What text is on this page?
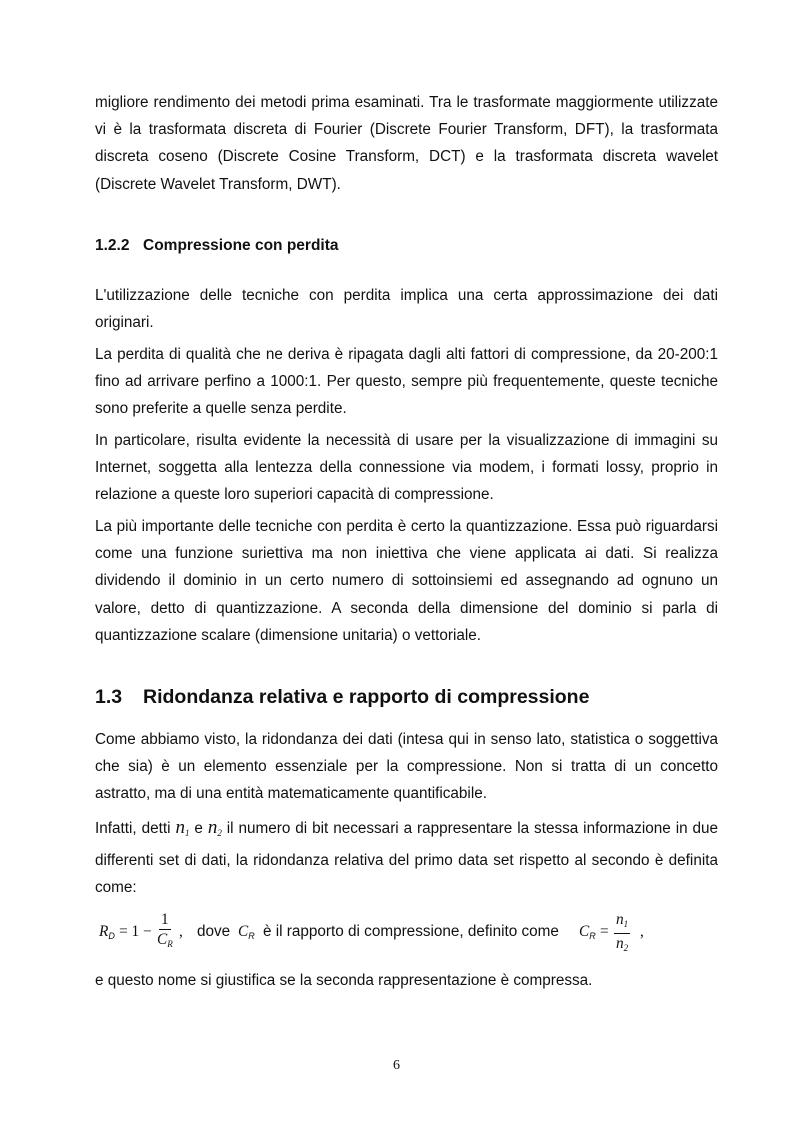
migliore rendimento dei metodi prima esaminati. Tra le trasformate maggiormente utilizzate vi è la trasformata discreta di Fourier (Discrete Fourier Transform, DFT), la trasformata discreta coseno (Discrete Cosine Transform, DCT) e la trasformata discreta wavelet (Discrete Wavelet Transform, DWT).

1.2.2 Compressione con perdita

L'utilizzazione delle tecniche con perdita implica una certa approssimazione dei dati originari.

La perdita di qualità che ne deriva è ripagata dagli alti fattori di compressione, da 20-200:1 fino ad arrivare perfino a 1000:1. Per questo, sempre più frequentemente, queste tecniche sono preferite a quelle senza perdite.

In particolare, risulta evidente la necessità di usare per la visualizzazione di immagini su Internet, soggetta alla lentezza della connessione via modem, i formati lossy, proprio in relazione a queste loro superiori capacità di compressione.

La più importante delle tecniche con perdita è certo la quantizzazione. Essa può riguardarsi come una funzione suriettiva ma non iniettiva che viene applicata ai dati. Si realizza dividendo il dominio in un certo numero di sottoinsiemi ed assegnando ad ognuno un valore, detto di quantizzazione. A seconda della dimensione del dominio si parla di quantizzazione scalare (dimensione unitaria) o vettoriale.

1.3 Ridondanza relativa e rapporto di compressione

Come abbiamo visto, la ridondanza dei dati (intesa qui in senso lato, statistica o soggettiva che sia) è un elemento essenziale per la compressione. Non si tratta di un concetto astratto, ma di una entità matematicamente quantificabile.

Infatti, detti $n_1$ e $n_2$ il numero di bit necessari a rappresentare la stessa informazione in due differenti set di dati, la ridondanza relativa del primo data set rispetto al secondo è definita come:

$R_D = 1 - \frac{1}{C_R}$ , dove $C_R$ è il rapporto di compressione, definito come $C_R = \frac{n_1}{n_2}$ ,

e questo nome si giustifica se la seconda rappresentazione è compressa.

6
